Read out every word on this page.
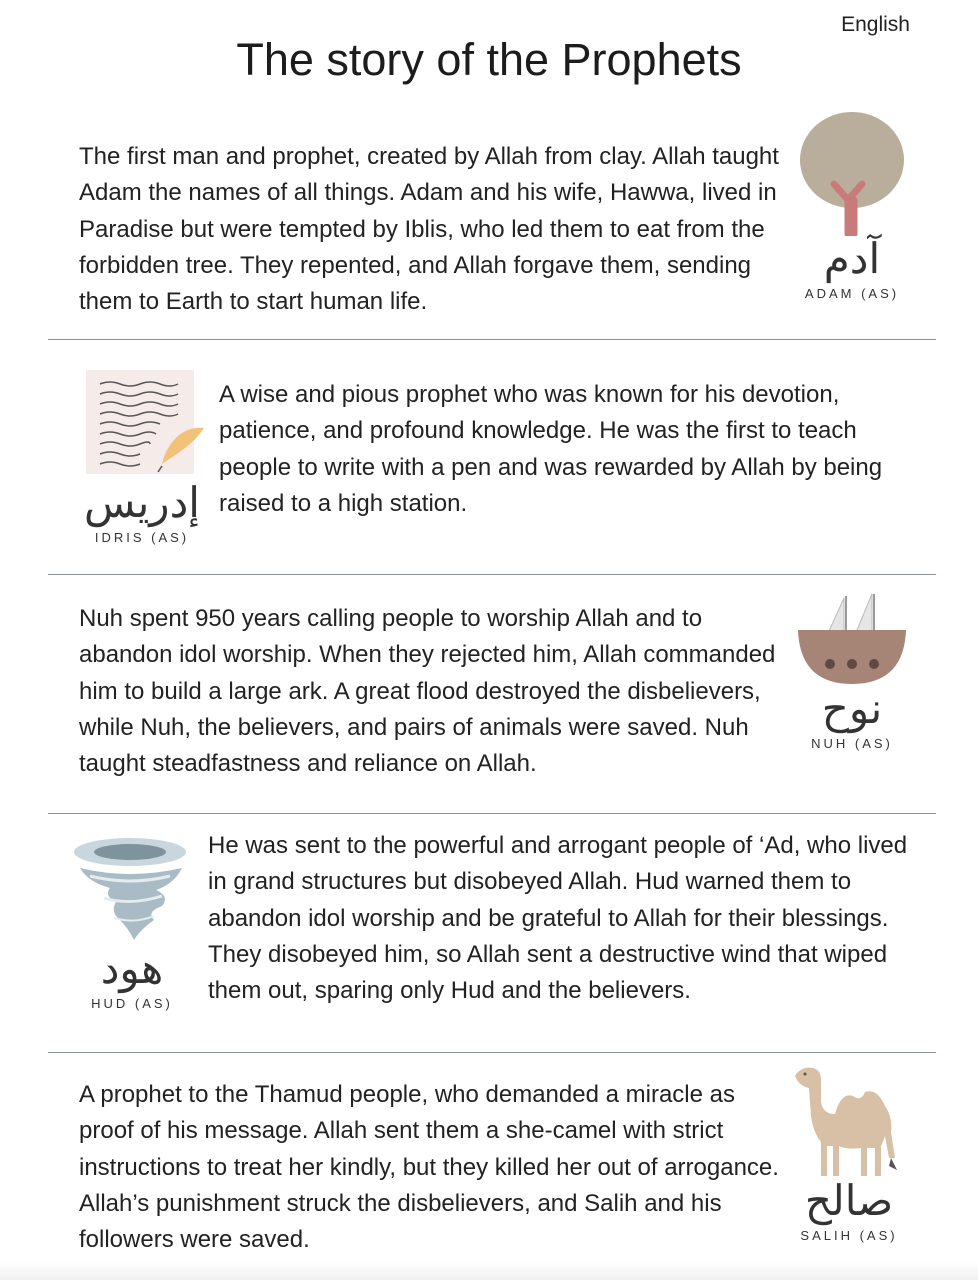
English
The story of the Prophets
The first man and prophet, created by Allah from clay. Allah taught Adam the names of all things. Adam and his wife, Hawwa, lived in Paradise but were tempted by Iblis, who led them to eat from the forbidden tree. They repented, and Allah forgave them, sending them to Earth to start human life.
آدم
ADAM (AS)
إدريس
IDRIS (AS)
A wise and pious prophet who was known for his devotion, patience, and profound knowledge. He was the first to teach people to write with a pen and was rewarded by Allah by being raised to a high station.
Nuh spent 950 years calling people to worship Allah and to abandon idol worship. When they rejected him, Allah commanded him to build a large ark. A great flood destroyed the disbelievers, while Nuh, the believers, and pairs of animals were saved. Nuh taught steadfastness and reliance on Allah.
نوح
NUH (AS)
هود
HUD (AS)
He was sent to the powerful and arrogant people of ‘Ad, who lived in grand structures but disobeyed Allah. Hud warned them to abandon idol worship and be grateful to Allah for their blessings. They disobeyed him, so Allah sent a destructive wind that wiped them out, sparing only Hud and the believers.
A prophet to the Thamud people, who demanded a miracle as proof of his message. Allah sent them a she-camel with strict instructions to treat her kindly, but they killed her out of arrogance. Allah’s punishment struck the disbelievers, and Salih and his followers were saved.
صالح
SALIH (AS)
